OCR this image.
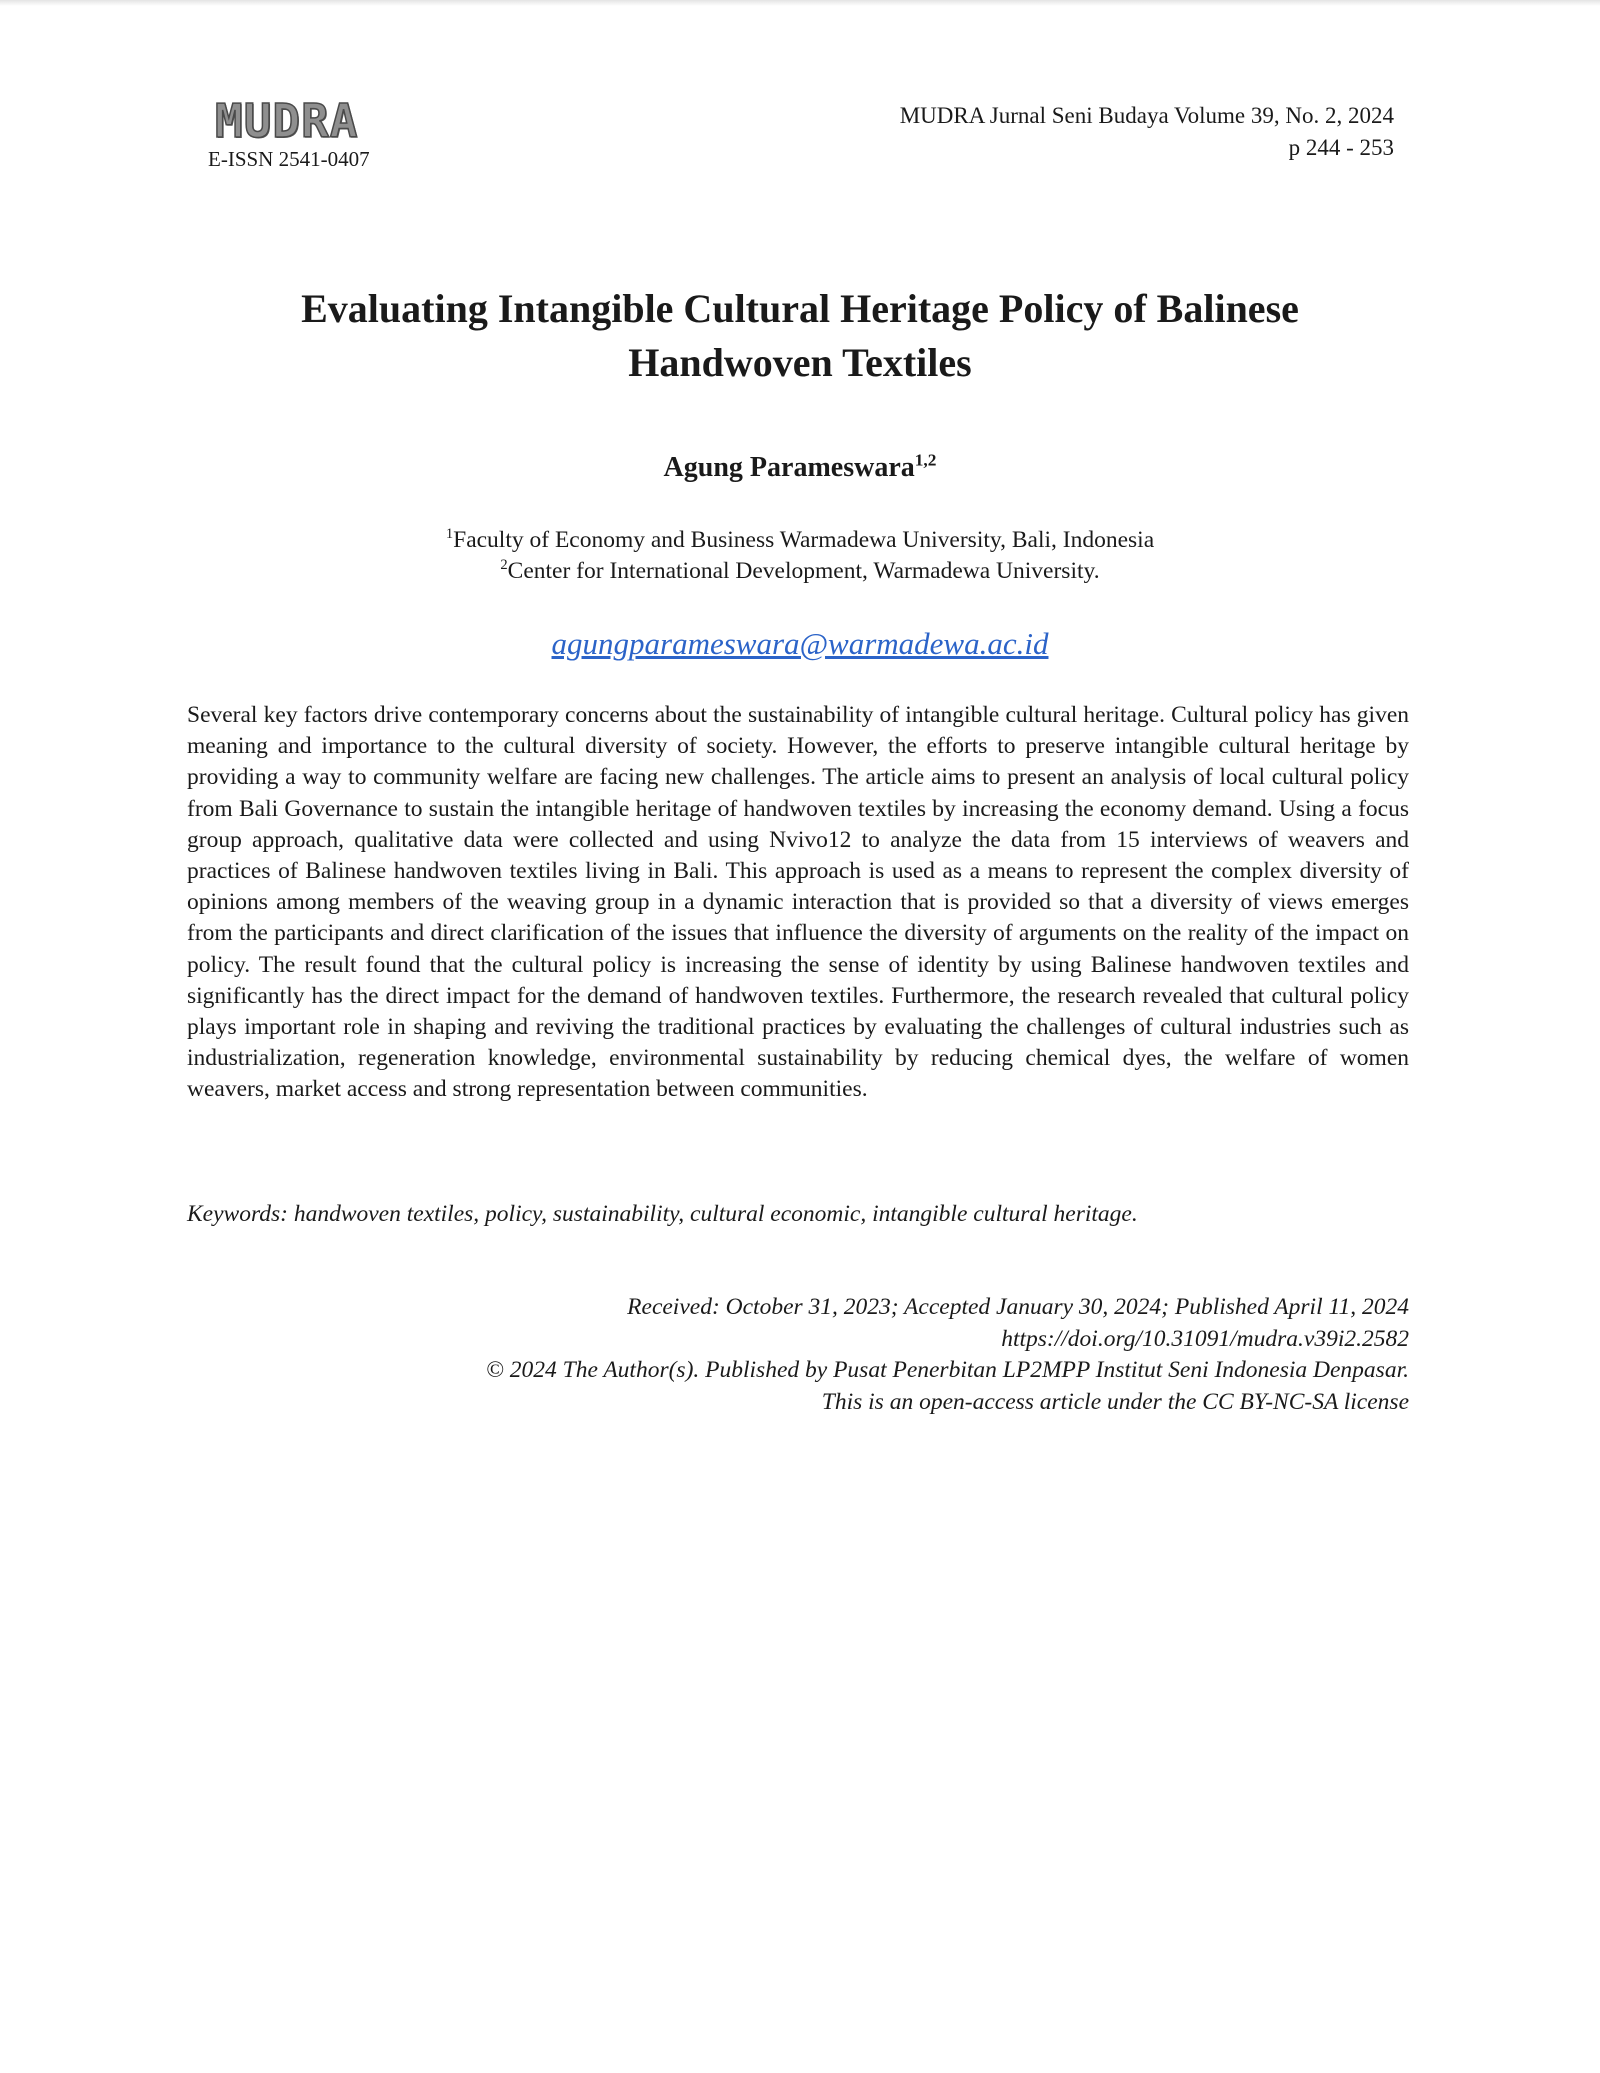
MUDRA
E-ISSN 2541-0407
MUDRA Jurnal Seni Budaya Volume 39, No. 2, 2024
p 244 - 253
Evaluating Intangible Cultural Heritage Policy of Balinese
Handwoven Textiles
Agung Parameswara$^{1,2}$
$^1$Faculty of Economy and Business Warmadewa University, Bali, Indonesia
$^2$Center for International Development, Warmadewa University.
agungparameswara@warmadewa.ac.id

Several key factors drive contemporary concerns about the sustainability of intangible cultural heritage. Cultural policy has given meaning and importance to the cultural diversity of society. However, the efforts to preserve intangible cultural heritage by providing a way to community welfare are facing new challenges. The article aims to present an analysis of local cultural policy from Bali Governance to sustain the intangible heritage of handwoven textiles by increasing the economy demand. Using a focus group approach, qualitative data were collected and using Nvivo12 to analyze the data from 15 interviews of weavers and practices of Balinese handwoven textiles living in Bali. This approach is used as a means to represent the complex diversity of opinions among members of the weaving group in a dynamic interaction that is provided so that a diversity of views emerges from the participants and direct clarification of the issues that influence the diversity of arguments on the reality of the impact on policy. The result found that the cultural policy is increasing the sense of identity by using Balinese handwoven textiles and significantly has the direct impact for the demand of handwoven textiles. Furthermore, the research revealed that cultural policy plays important role in shaping and reviving the traditional practices by evaluating the challenges of cultural industries such as industrialization, regeneration knowledge, environmental sustainability by reducing chemical dyes, the welfare of women weavers, market access and strong representation between communities.

Keywords: handwoven textiles, policy, sustainability, cultural economic, intangible cultural heritage.

Received: October 31, 2023; Accepted January 30, 2024; Published April 11, 2024
https://doi.org/10.31091/mudra.v39i2.2582
© 2024 The Author(s). Published by Pusat Penerbitan LP2MPP Institut Seni Indonesia Denpasar.
This is an open-access article under the CC BY-NC-SA license
